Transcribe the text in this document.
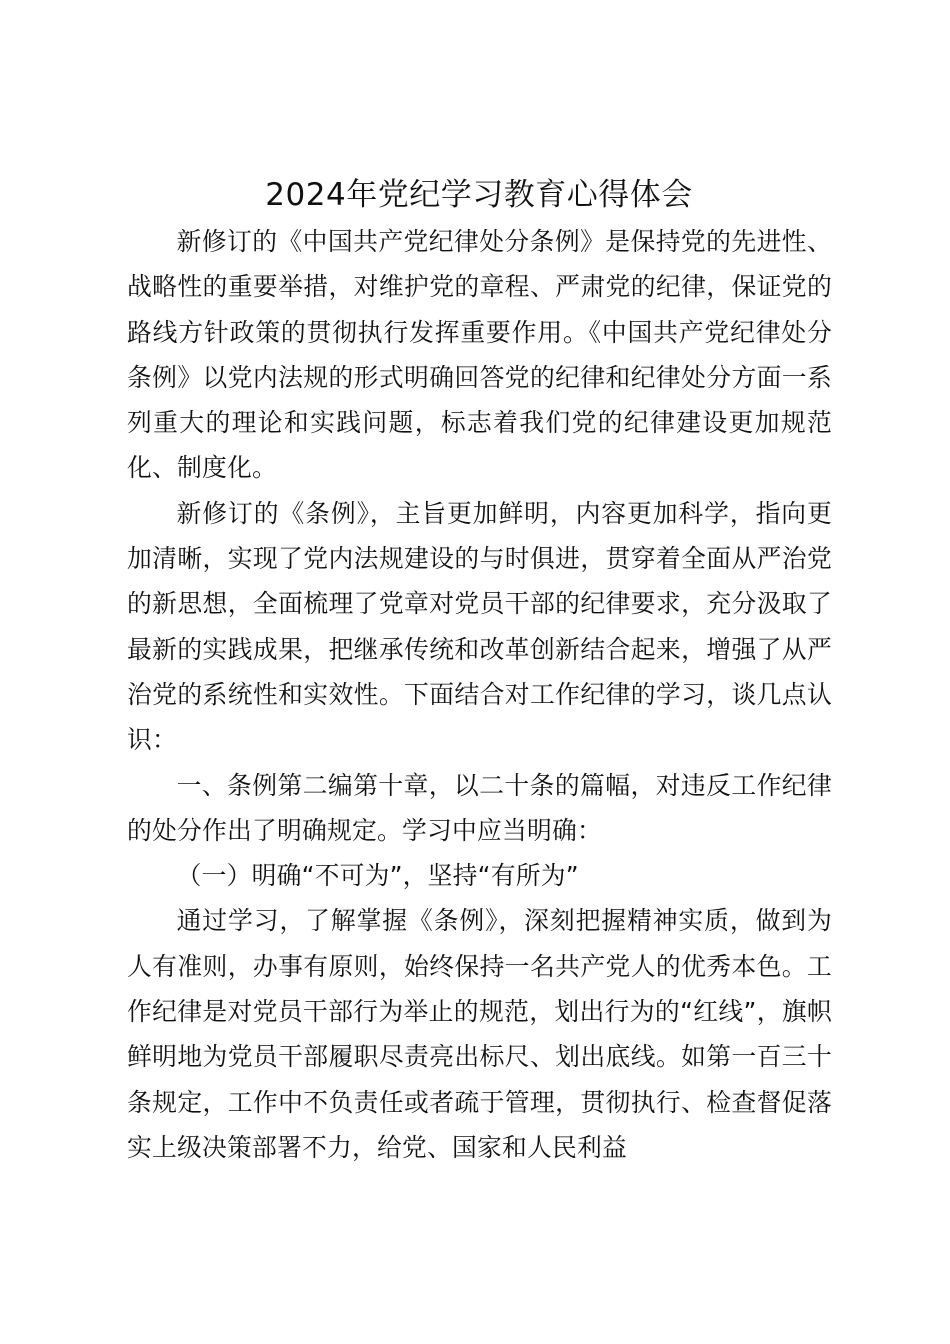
2024年党纪学习教育心得体会

新修订的《中国共产党纪律处分条例》是保持党的先进性、战略性的重要举措，对维护党的章程、严肃党的纪律，保证党的路线方针政策的贯彻执行发挥重要作用。《中国共产党纪律处分条例》以党内法规的形式明确回答党的纪律和纪律处分方面一系列重大的理论和实践问题，标志着我们党的纪律建设更加规范化、制度化。

新修订的《条例》，主旨更加鲜明，内容更加科学，指向更加清晰，实现了党内法规建设的与时俱进，贯穿着全面从严治党的新思想，全面梳理了党章对党员干部的纪律要求，充分汲取了最新的实践成果，把继承传统和改革创新结合起来，增强了从严治党的系统性和实效性。下面结合对工作纪律的学习，谈几点认识：

一、条例第二编第十章，以二十条的篇幅，对违反工作纪律的处分作出了明确规定。学习中应当明确：

（一）明确“不可为”，坚持“有所为”

通过学习，了解掌握《条例》，深刻把握精神实质，做到为人有准则，办事有原则，始终保持一名共产党人的优秀本色。工作纪律是对党员干部行为举止的规范，划出行为的“红线”，旗帜鲜明地为党员干部履职尽责亮出标尺、划出底线。如第一百三十条规定，工作中不负责任或者疏于管理，贯彻执行、检查督促落实上级决策部署不力，给党、国家和人民利益
